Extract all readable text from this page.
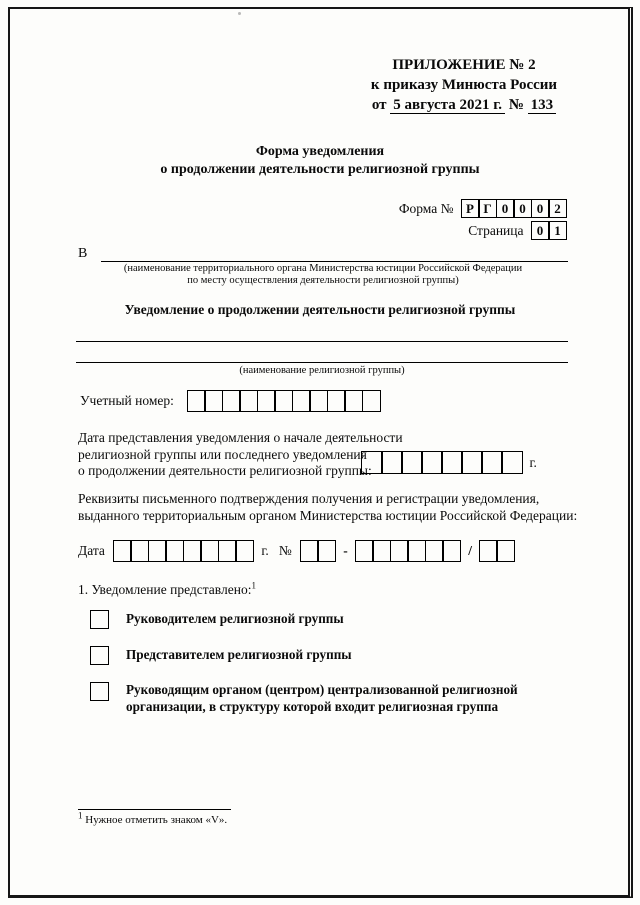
ПРИЛОЖЕНИЕ № 2
к приказу Минюста России
от 5 августа 2021 г. № 133
Форма уведомления
о продолжении деятельности религиозной группы
Форма № Р Г 0 0 0 2
Страница	0 1
В
(наименование территориального органа Министерства юстиции Российской Федерации
по месту осуществления деятельности религиозной группы)
Уведомление о продолжении деятельности религиозной группы
(наименование религиозной группы)
Учетный номер:
Дата представления уведомления о начале деятельности
религиозной группы или последнего уведомления
о продолжении деятельности религиозной группы:
г.
Реквизиты письменного подтверждения получения и регистрации уведомления,
выданного территориальным органом Министерства юстиции Российской Федерации:
Дата	г. №	-	/
1. Уведомление представлено:$^1$
Руководителем религиозной группы
Представителем религиозной группы
Руководящим органом (центром) централизованной религиозной организации, в структуру которой входит религиозная группа
$^1$ Нужное отметить знаком «V».
